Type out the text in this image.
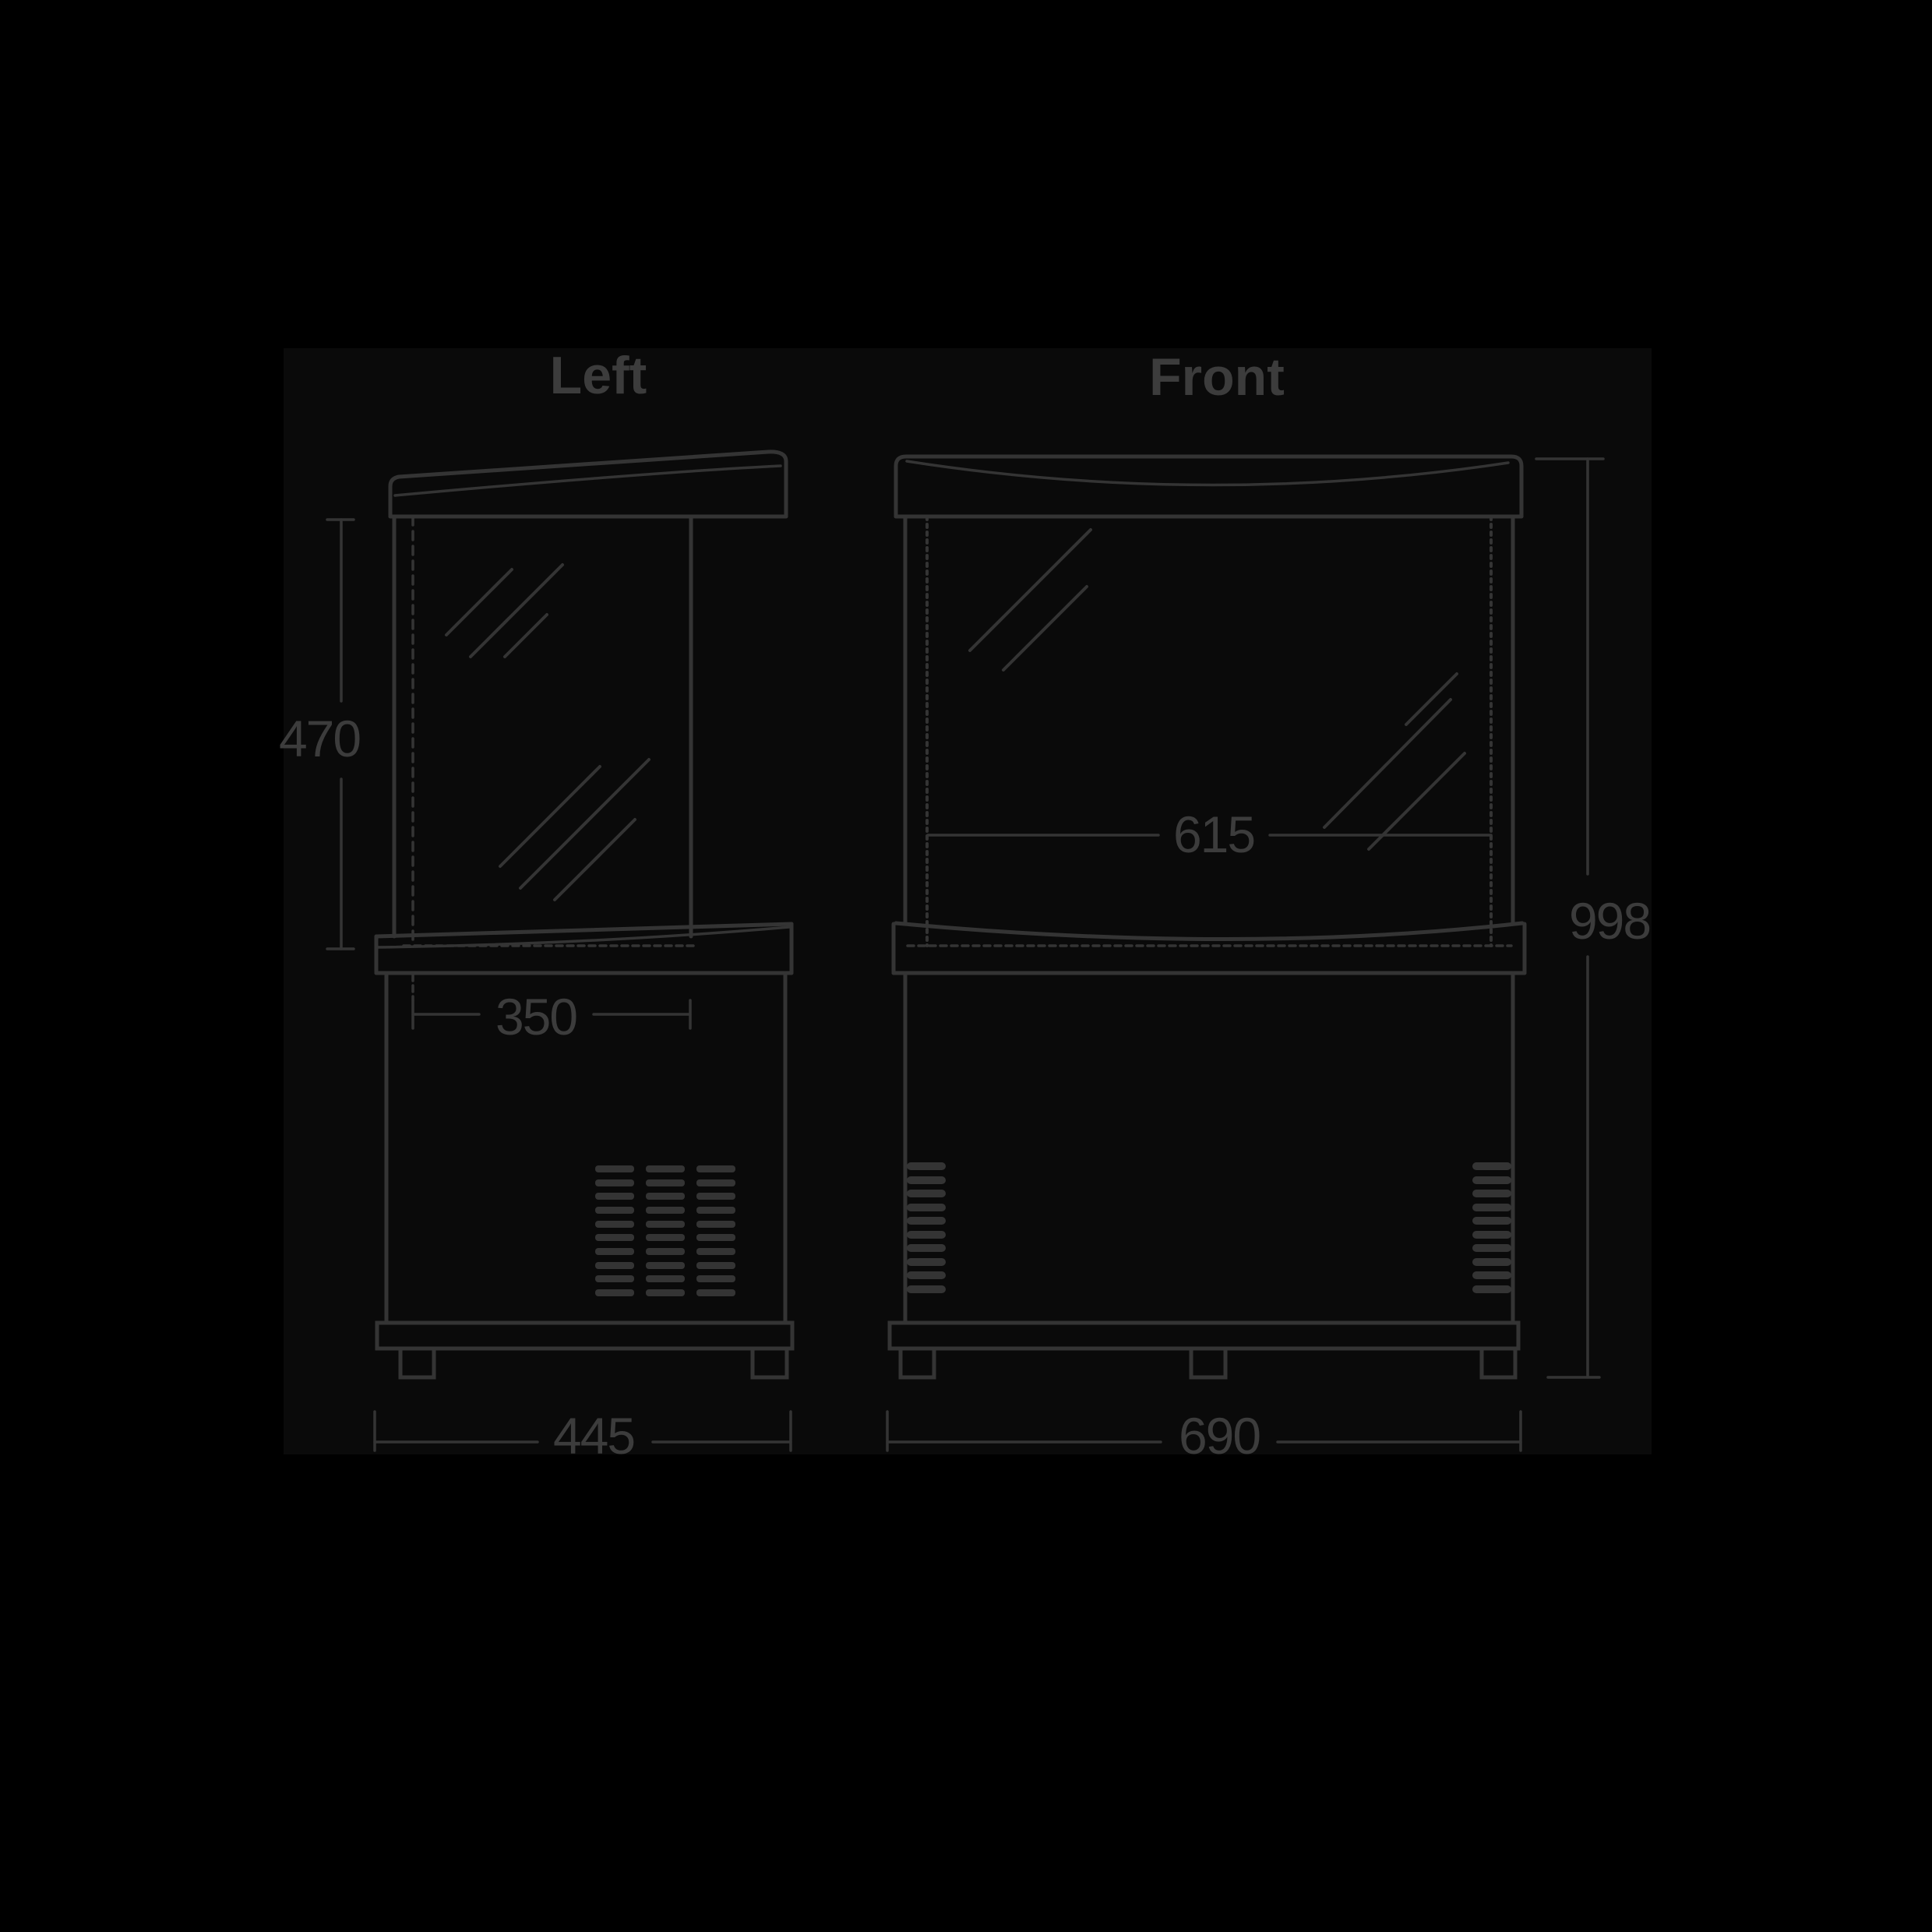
Left	Front
470
350
445
615
690
998
